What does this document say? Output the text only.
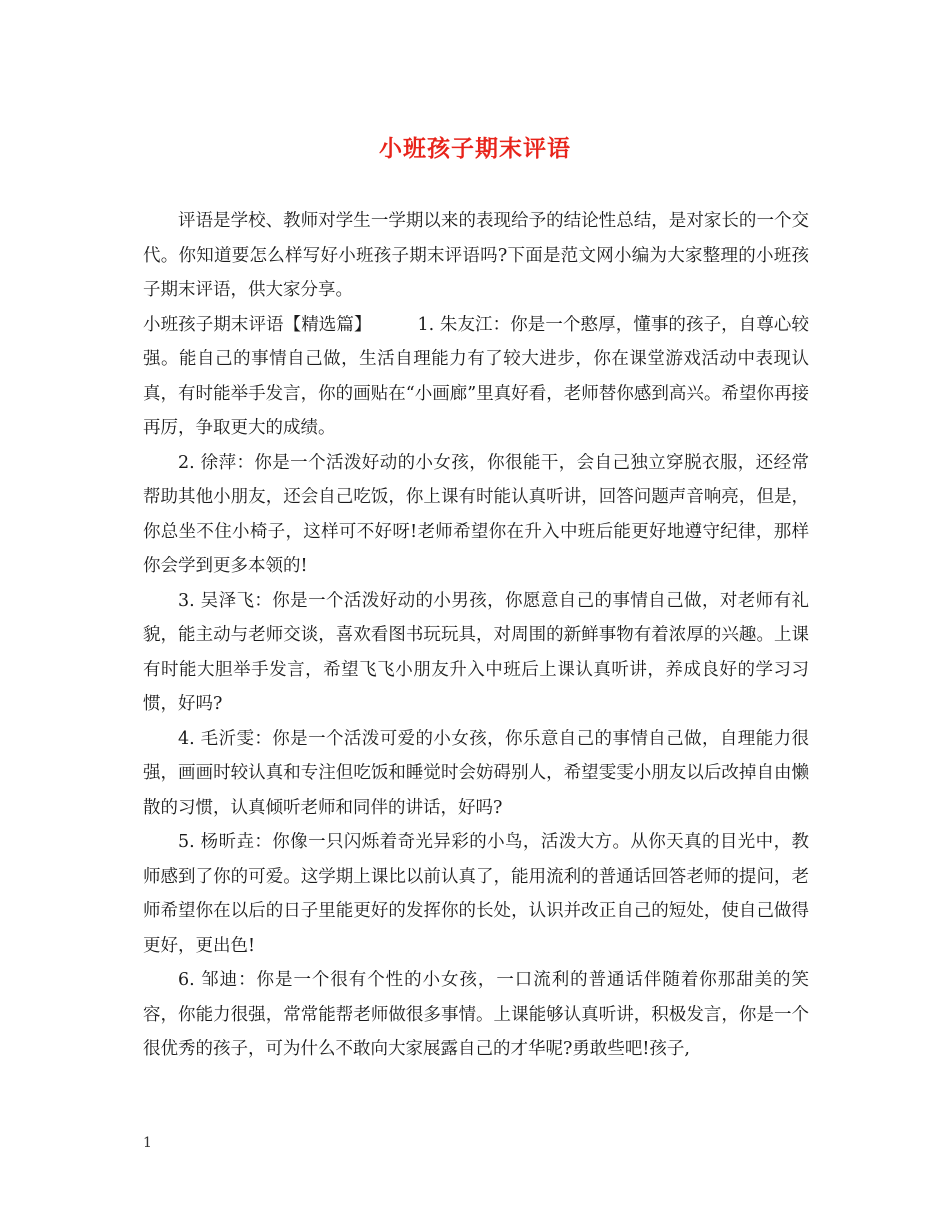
小班孩子期末评语

评语是学校、教师对学生一学期以来的表现给予的结论性总结，是对家长的一个交代。你知道要怎么样写好小班孩子期末评语吗?下面是范文网小编为大家整理的小班孩子期末评语，供大家分享。

小班孩子期末评语【精选篇】	1. 朱友江：你是一个憨厚，懂事的孩子，自尊心较强。能自己的事情自己做，生活自理能力有了较大进步，你在课堂游戏活动中表现认真，有时能举手发言，你的画贴在“小画廊”里真好看，老师替你感到高兴。希望你再接再厉，争取更大的成绩。

2. 徐萍：你是一个活泼好动的小女孩，你很能干，会自己独立穿脱衣服，还经常帮助其他小朋友，还会自己吃饭，你上课有时能认真听讲，回答问题声音响亮，但是，你总坐不住小椅子，这样可不好呀!老师希望你在升入中班后能更好地遵守纪律，那样你会学到更多本领的!

3. 吴泽飞：你是一个活泼好动的小男孩，你愿意自己的事情自己做，对老师有礼貌，能主动与老师交谈，喜欢看图书玩玩具，对周围的新鲜事物有着浓厚的兴趣。上课有时能大胆举手发言，希望飞飞小朋友升入中班后上课认真听讲，养成良好的学习习惯，好吗?

4. 毛沂雯：你是一个活泼可爱的小女孩，你乐意自己的事情自己做，自理能力很强，画画时较认真和专注但吃饭和睡觉时会妨碍别人，希望雯雯小朋友以后改掉自由懒散的习惯，认真倾听老师和同伴的讲话，好吗?

5. 杨昕垚：你像一只闪烁着奇光异彩的小鸟，活泼大方。从你天真的目光中，教师感到了你的可爱。这学期上课比以前认真了，能用流利的普通话回答老师的提问，老师希望你在以后的日子里能更好的发挥你的长处，认识并改正自己的短处，使自己做得更好，更出色!

6. 邹迪：你是一个很有个性的小女孩，一口流利的普通话伴随着你那甜美的笑容，你能力很强，常常能帮老师做很多事情。上课能够认真听讲，积极发言，你是一个很优秀的孩子，可为什么不敢向大家展露自己的才华呢?勇敢些吧!孩子,

1
